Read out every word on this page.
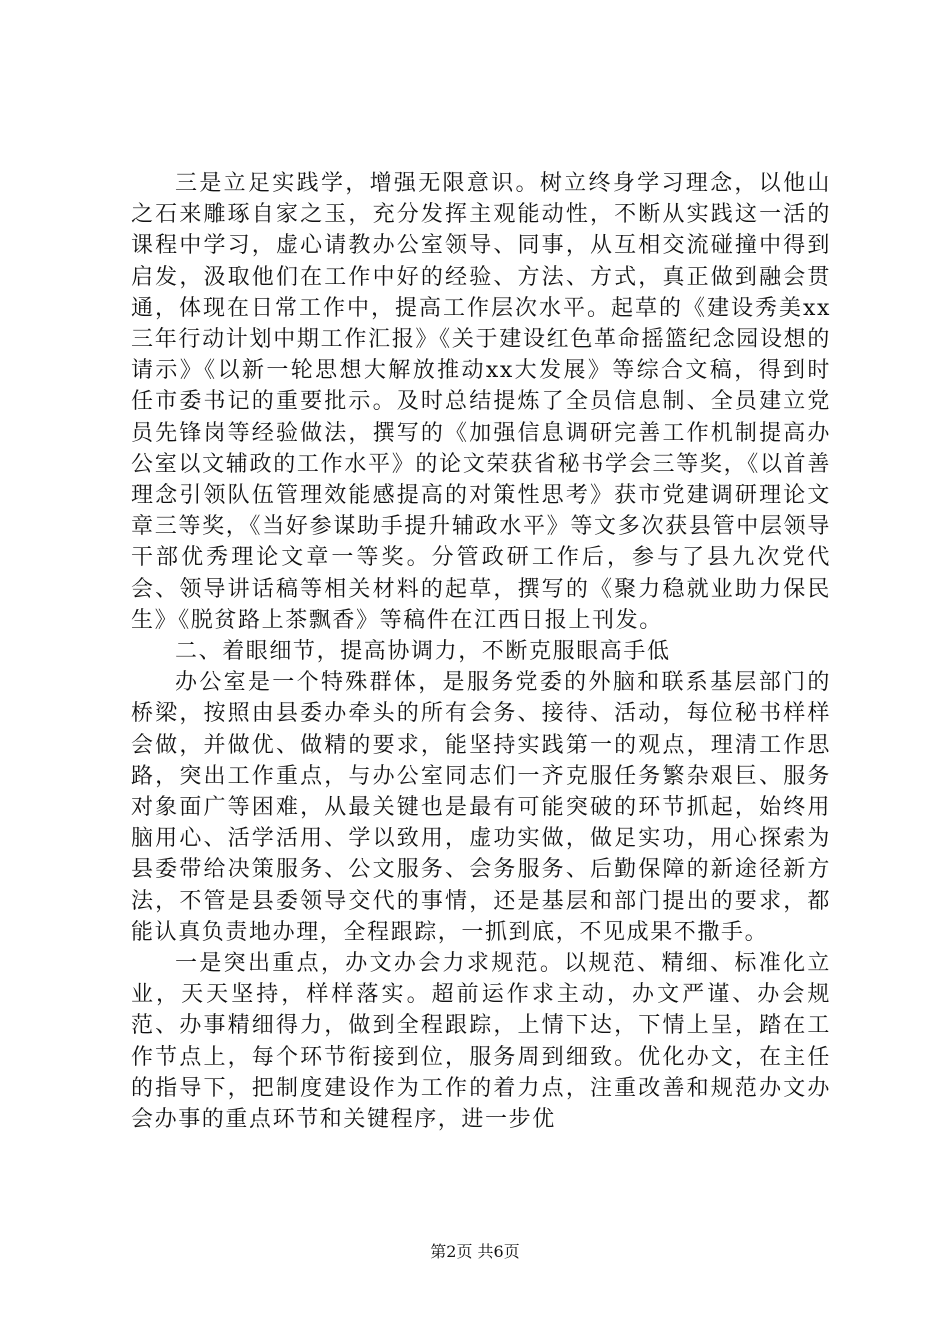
三是立足实践学，增强无限意识。树立终身学习理念，以他山之石来雕琢自家之玉，充分发挥主观能动性，不断从实践这一活的课程中学习，虚心请教办公室领导、同事，从互相交流碰撞中得到启发，汲取他们在工作中好的经验、方法、方式，真正做到融会贯通，体现在日常工作中，提高工作层次水平。起草的《建设秀美xx三年行动计划中期工作汇报》《关于建设红色革命摇篮纪念园设想的请示》《以新一轮思想大解放推动xx大发展》等综合文稿，得到时任市委书记的重要批示。及时总结提炼了全员信息制、全员建立党员先锋岗等经验做法，撰写的《加强信息调研完善工作机制提高办公室以文辅政的工作水平》的论文荣获省秘书学会三等奖，《以首善理念引领队伍管理效能感提高的对策性思考》获市党建调研理论文章三等奖，《当好参谋助手提升辅政水平》等文多次获县管中层领导干部优秀理论文章一等奖。分管政研工作后，参与了县九次党代会、领导讲话稿等相关材料的起草，撰写的《聚力稳就业助力保民生》《脱贫路上茶飘香》等稿件在江西日报上刊发。

二、着眼细节，提高协调力，不断克服眼高手低

办公室是一个特殊群体，是服务党委的外脑和联系基层部门的桥梁，按照由县委办牵头的所有会务、接待、活动，每位秘书样样会做，并做优、做精的要求，能坚持实践第一的观点，理清工作思路，突出工作重点，与办公室同志们一齐克服任务繁杂艰巨、服务对象面广等困难，从最关键也是最有可能突破的环节抓起，始终用脑用心、活学活用、学以致用，虚功实做，做足实功，用心探索为县委带给决策服务、公文服务、会务服务、后勤保障的新途径新方法，不管是县委领导交代的事情，还是基层和部门提出的要求，都能认真负责地办理，全程跟踪，一抓到底，不见成果不撒手。

一是突出重点，办文办会力求规范。以规范、精细、标准化立业，天天坚持，样样落实。超前运作求主动，办文严谨、办会规范、办事精细得力，做到全程跟踪，上情下达，下情上呈，踏在工作节点上，每个环节衔接到位，服务周到细致。优化办文，在主任的指导下，把制度建设作为工作的着力点，注重改善和规范办文办会办事的重点环节和关键程序，进一步优

第2页 共6页
